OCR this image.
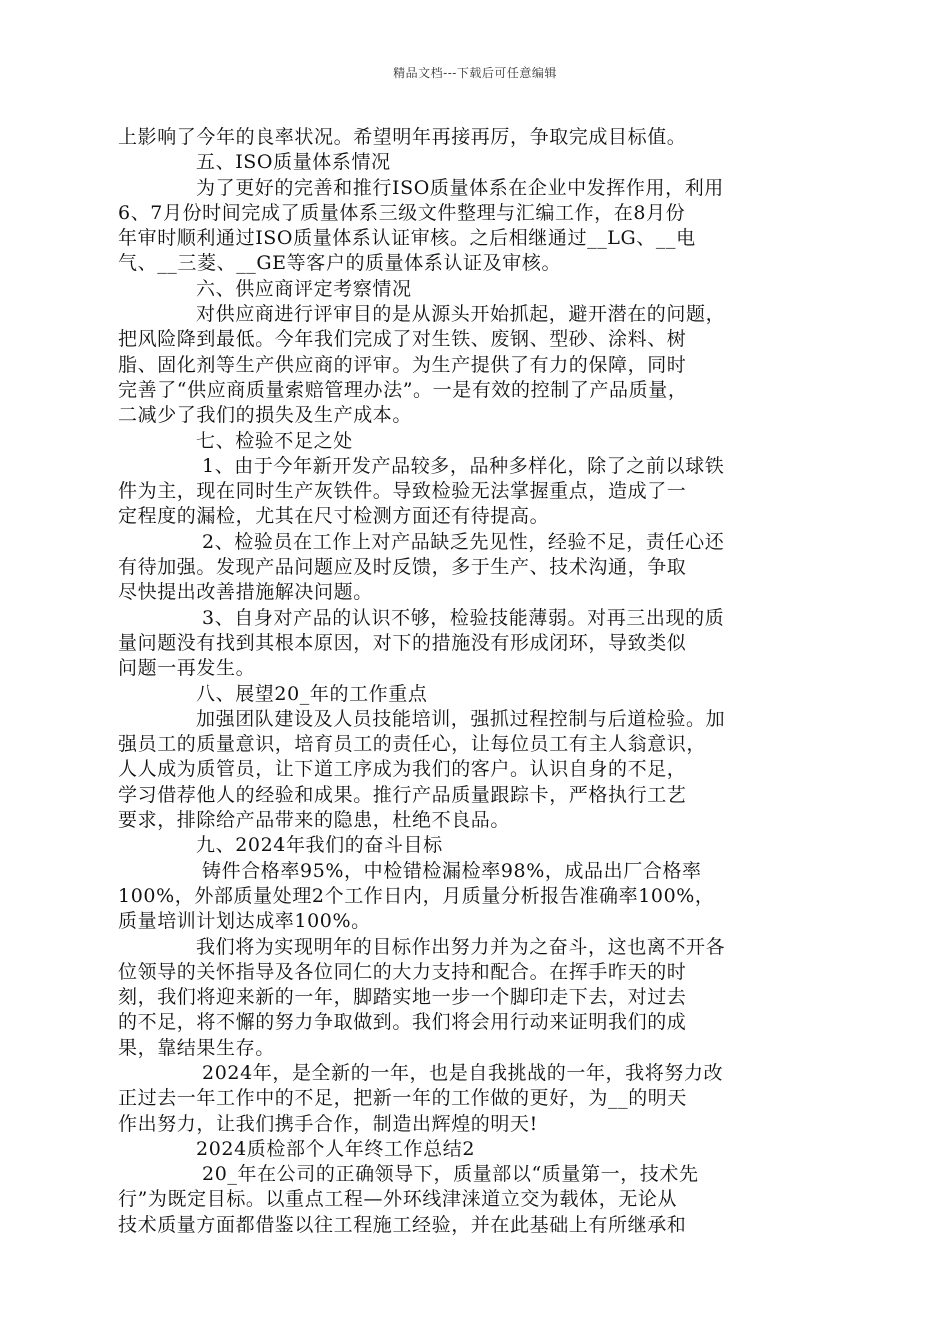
精品文档---下载后可任意编辑
上影响了今年的良率状况。希望明年再接再厉，争取完成目标值。
五、ISO质量体系情况
为了更好的完善和推行ISO质量体系在企业中发挥作用，利用
6、7月份时间完成了质量体系三级文件整理与汇编工作，在8月份
年审时顺利通过ISO质量体系认证审核。之后相继通过__LG、__电
气、__三菱、__GE等客户的质量体系认证及审核。
六、供应商评定考察情况
对供应商进行评审目的是从源头开始抓起，避开潜在的问题，
把风险降到最低。今年我们完成了对生铁、废钢、型砂、涂料、树
脂、固化剂等生产供应商的评审。为生产提供了有力的保障，同时
完善了“供应商质量索赔管理办法”。一是有效的控制了产品质量，
二减少了我们的损失及生产成本。
七、检验不足之处
1、由于今年新开发产品较多，品种多样化，除了之前以球铁
件为主，现在同时生产灰铁件。导致检验无法掌握重点，造成了一
定程度的漏检，尤其在尺寸检测方面还有待提高。
2、检验员在工作上对产品缺乏先见性，经验不足，责任心还
有待加强。发现产品问题应及时反馈，多于生产、技术沟通，争取
尽快提出改善措施解决问题。
3、自身对产品的认识不够，检验技能薄弱。对再三出现的质
量问题没有找到其根本原因，对下的措施没有形成闭环，导致类似
问题一再发生。
八、展望20_年的工作重点
加强团队建设及人员技能培训，强抓过程控制与后道检验。加
强员工的质量意识，培育员工的责任心，让每位员工有主人翁意识，
人人成为质管员，让下道工序成为我们的客户。认识自身的不足，
学习借荐他人的经验和成果。推行产品质量跟踪卡，严格执行工艺
要求，排除给产品带来的隐患，杜绝不良品。
九、2024年我们的奋斗目标
铸件合格率95%，中检错检漏检率98%，成品出厂合格率
100%，外部质量处理2个工作日内，月质量分析报告准确率100%，
质量培训计划达成率100%。
我们将为实现明年的目标作出努力并为之奋斗，这也离不开各
位领导的关怀指导及各位同仁的大力支持和配合。在挥手昨天的时
刻，我们将迎来新的一年，脚踏实地一步一个脚印走下去，对过去
的不足，将不懈的努力争取做到。我们将会用行动来证明我们的成
果，靠结果生存。
2024年，是全新的一年，也是自我挑战的一年，我将努力改
正过去一年工作中的不足，把新一年的工作做的更好，为__的明天
作出努力，让我们携手合作，制造出辉煌的明天!
2024质检部个人年终工作总结2
20_年在公司的正确领导下，质量部以“质量第一，技术先
行”为既定目标。以重点工程—外环线津涞道立交为载体，无论从
技术质量方面都借鉴以往工程施工经验，并在此基础上有所继承和
